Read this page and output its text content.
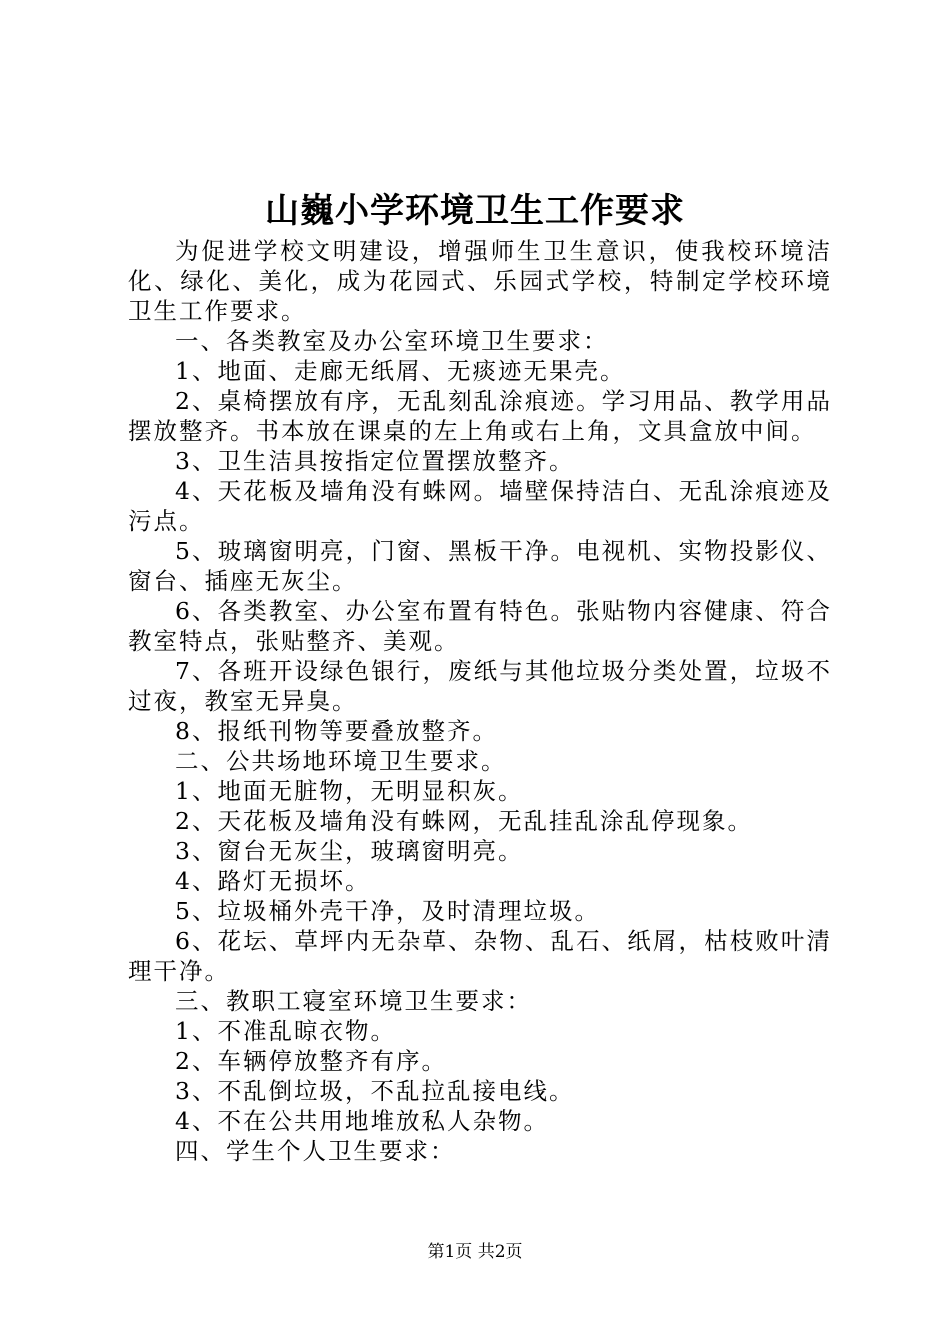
山巍小学环境卫生工作要求

为促进学校文明建设，增强师生卫生意识，使我校环境洁化、绿化、美化，成为花园式、乐园式学校，特制定学校环境卫生工作要求。

一、各类教室及办公室环境卫生要求：

1、地面、走廊无纸屑、无痰迹无果壳。

2、桌椅摆放有序，无乱刻乱涂痕迹。学习用品、教学用品摆放整齐。书本放在课桌的左上角或右上角，文具盒放中间。

3、卫生洁具按指定位置摆放整齐。

4、天花板及墙角没有蛛网。墙壁保持洁白、无乱涂痕迹及污点。

5、玻璃窗明亮，门窗、黑板干净。电视机、实物投影仪、窗台、插座无灰尘。

6、各类教室、办公室布置有特色。张贴物内容健康、符合教室特点，张贴整齐、美观。

7、各班开设绿色银行，废纸与其他垃圾分类处置，垃圾不过夜，教室无异臭。

8、报纸刊物等要叠放整齐。

二、公共场地环境卫生要求。

1、地面无脏物，无明显积灰。

2、天花板及墙角没有蛛网，无乱挂乱涂乱停现象。

3、窗台无灰尘，玻璃窗明亮。

4、路灯无损坏。

5、垃圾桶外壳干净，及时清理垃圾。

6、花坛、草坪内无杂草、杂物、乱石、纸屑，枯枝败叶清理干净。

三、教职工寝室环境卫生要求：

1、不准乱晾衣物。

2、车辆停放整齐有序。

3、不乱倒垃圾，不乱拉乱接电线。

4、不在公共用地堆放私人杂物。

四、学生个人卫生要求：

第1页 共2页
